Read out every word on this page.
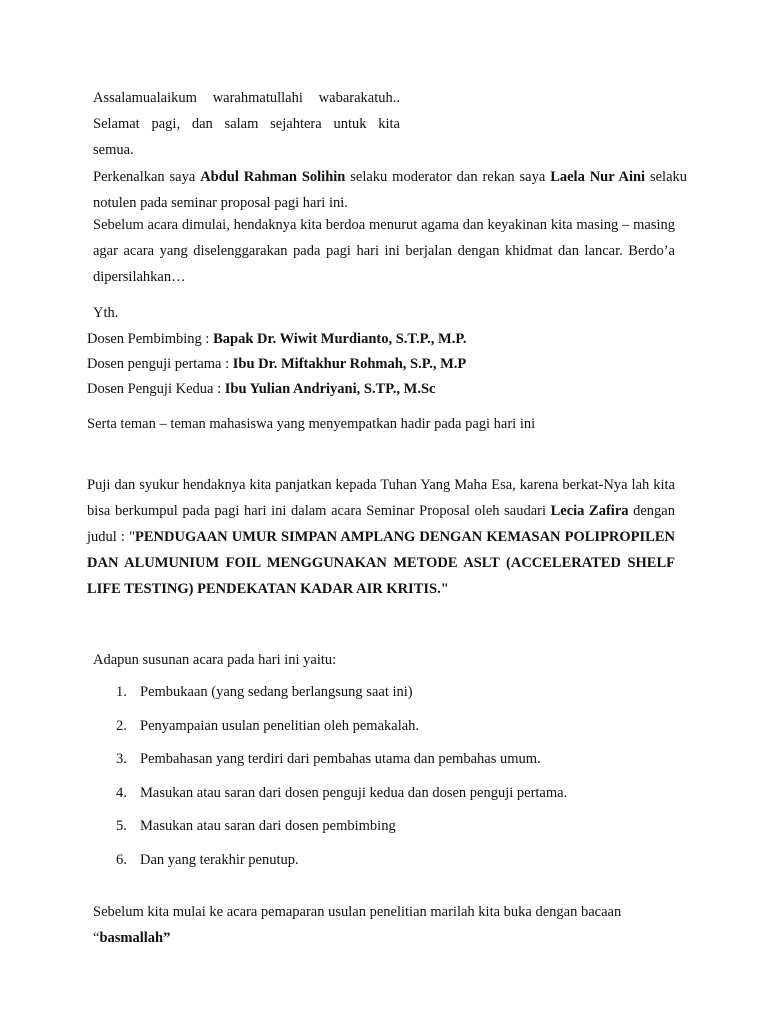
Assalamualaikum warahmatullahi wabarakatuh..
Selamat pagi, dan salam sejahtera untuk kita
semua.
Perkenalkan saya Abdul Rahman Solihin selaku moderator dan rekan saya Laela Nur Aini selaku notulen pada seminar proposal pagi hari ini.
Sebelum acara dimulai, hendaknya kita berdoa menurut agama dan keyakinan kita masing – masing agar acara yang diselenggarakan pada pagi hari ini berjalan dengan khidmat dan lancar. Berdo’a dipersilahkan…
Yth.
Dosen Pembimbing : Bapak Dr. Wiwit Murdianto, S.T.P., M.P.
Dosen penguji pertama : Ibu Dr. Miftakhur Rohmah, S.P., M.P
Dosen Penguji Kedua : Ibu Yulian Andriyani, S.TP., M.Sc
Serta teman – teman mahasiswa yang menyempatkan hadir pada pagi hari ini
Puji dan syukur hendaknya kita panjatkan kepada Tuhan Yang Maha Esa, karena berkat-Nya lah kita bisa berkumpul pada pagi hari ini dalam acara Seminar Proposal oleh saudari Lecia Zafira dengan judul : "PENDUGAAN UMUR SIMPAN AMPLANG DENGAN KEMASAN POLIPROPILEN DAN ALUMUNIUM FOIL MENGGUNAKAN METODE ASLT (ACCELERATED SHELF LIFE TESTING) PENDEKATAN KADAR AIR KRITIS."
Adapun susunan acara pada hari ini yaitu:
1. Pembukaan (yang sedang berlangsung saat ini)
2. Penyampaian usulan penelitian oleh pemakalah.
3. Pembahasan yang terdiri dari pembahas utama dan pembahas umum.
4. Masukan atau saran dari dosen penguji kedua dan dosen penguji pertama.
5. Masukan atau saran dari dosen pembimbing
6. Dan yang terakhir penutup.
Sebelum kita mulai ke acara pemaparan usulan penelitian marilah kita buka dengan bacaan
“basmallah”
